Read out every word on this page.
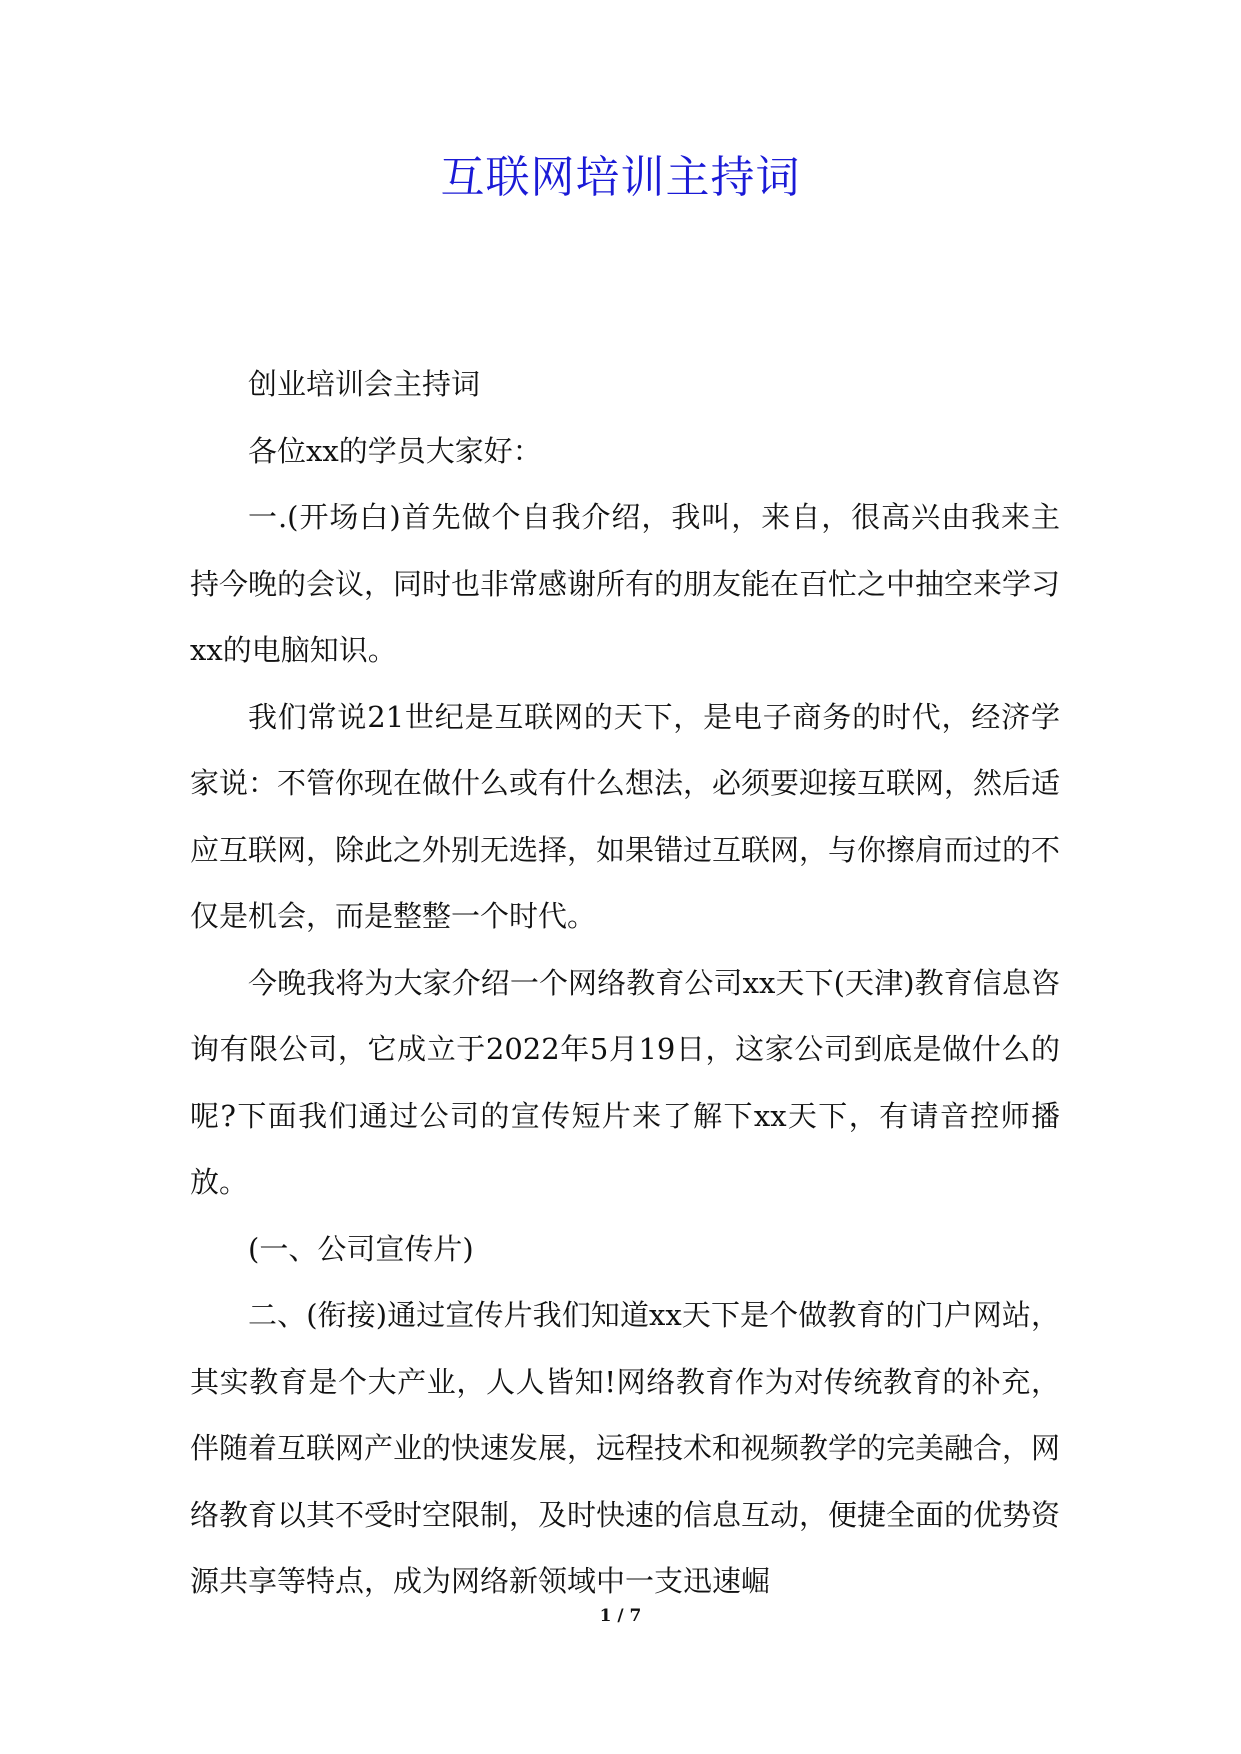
互联网培训主持词

创业培训会主持词

各位xx的学员大家好：

一.(开场白)首先做个自我介绍，我叫，来自，很高兴由我来主持今晚的会议，同时也非常感谢所有的朋友能在百忙之中抽空来学习xx的电脑知识。

我们常说21世纪是互联网的天下，是电子商务的时代，经济学家说：不管你现在做什么或有什么想法，必须要迎接互联网，然后适应互联网，除此之外别无选择，如果错过互联网，与你擦肩而过的不仅是机会，而是整整一个时代。

今晚我将为大家介绍一个网络教育公司xx天下(天津)教育信息咨询有限公司，它成立于2022年5月19日，这家公司到底是做什么的呢?下面我们通过公司的宣传短片来了解下xx天下，有请音控师播放。

(一、公司宣传片)

二、(衔接)通过宣传片我们知道xx天下是个做教育的门户网站，其实教育是个大产业，人人皆知!网络教育作为对传统教育的补充，伴随着互联网产业的快速发展，远程技术和视频教学的完美融合，网络教育以其不受时空限制，及时快速的信息互动，便捷全面的优势资源共享等特点，成为网络新领域中一支迅速崛

1 / 7
